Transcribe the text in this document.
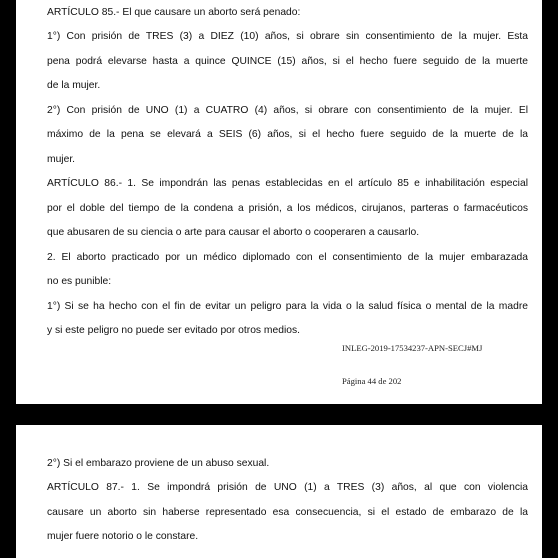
ARTÍCULO 85.- El que causare un aborto será penado:
1°) Con prisión de TRES (3) a DIEZ (10) años, si obrare sin consentimiento de la mujer. Esta
pena podrá elevarse hasta a quince QUINCE (15) años, si el hecho fuere seguido de la muerte
de la mujer.
2°) Con prisión de UNO (1) a CUATRO (4) años, si obrare con consentimiento de la mujer. El
máximo de la pena se elevará a SEIS (6) años, si el hecho fuere seguido de la muerte de la
mujer.
ARTÍCULO 86.- 1. Se impondrán las penas establecidas en el artículo 85 e inhabilitación especial
por el doble del tiempo de la condena a prisión, a los médicos, cirujanos, parteras o farmacéuticos
que abusaren de su ciencia o arte para causar el aborto o cooperaren a causarlo.
2. El aborto practicado por un médico diplomado con el consentimiento de la mujer embarazada
no es punible:
1°) Si se ha hecho con el fin de evitar un peligro para la vida o la salud física o mental de la madre
y si este peligro no puede ser evitado por otros medios.
INLEG-2019-17534237-APN-SECJ#MJ
Página 44 de 202
2°) Si el embarazo proviene de un abuso sexual.
ARTÍCULO 87.- 1. Se impondrá prisión de UNO (1) a TRES (3) años, al que con violencia
causare un aborto sin haberse representado esa consecuencia, si el estado de embarazo de la
mujer fuere notorio o le constare.
